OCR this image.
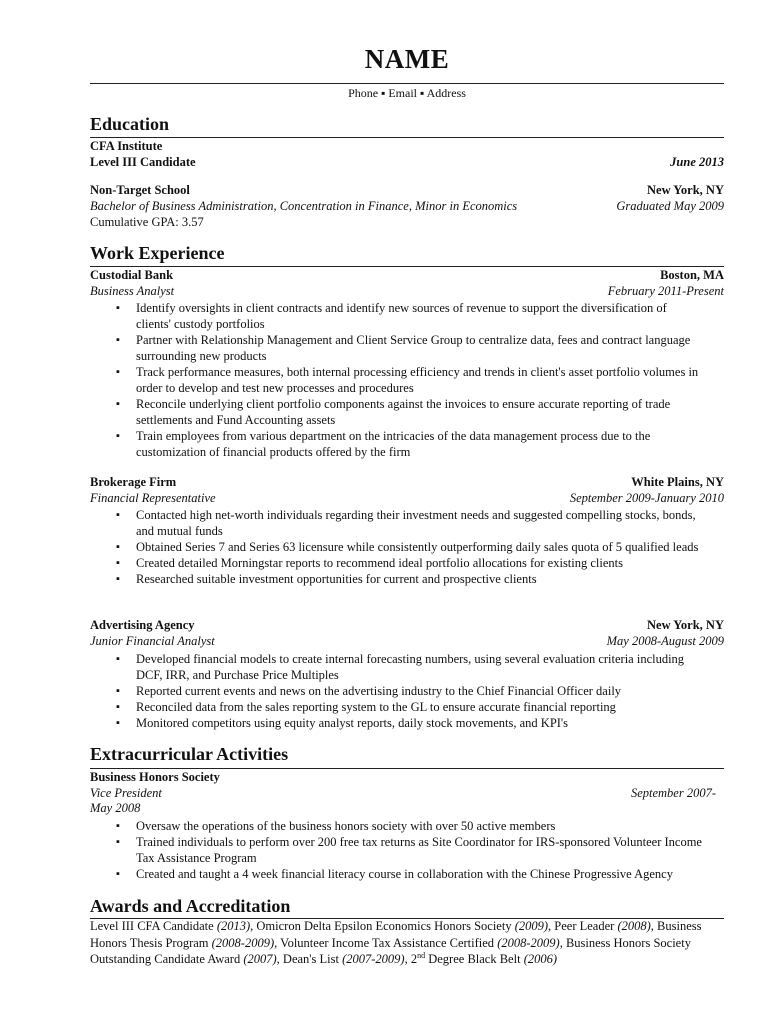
NAME
Phone ▪ Email ▪ Address
Education
CFA Institute
Level III Candidate	June 2013
Non-Target School	New York, NY
Bachelor of Business Administration, Concentration in Finance, Minor in Economics	Graduated May 2009
Cumulative GPA: 3.57
Work Experience
Custodial Bank	Boston, MA
Business Analyst	February 2011-Present
▪ Identify oversights in client contracts and identify new sources of revenue to support the diversification of clients' custody portfolios
▪ Partner with Relationship Management and Client Service Group to centralize data, fees and contract language surrounding new products
▪ Track performance measures, both internal processing efficiency and trends in client's asset portfolio volumes in order to develop and test new processes and procedures
▪ Reconcile underlying client portfolio components against the invoices to ensure accurate reporting of trade settlements and Fund Accounting assets
▪ Train employees from various department on the intricacies of the data management process due to the customization of financial products offered by the firm
Brokerage Firm	White Plains, NY
Financial Representative	September 2009-January 2010
▪ Contacted high net-worth individuals regarding their investment needs and suggested compelling stocks, bonds, and mutual funds
▪ Obtained Series 7 and Series 63 licensure while consistently outperforming daily sales quota of 5 qualified leads
▪ Created detailed Morningstar reports to recommend ideal portfolio allocations for existing clients
▪ Researched suitable investment opportunities for current and prospective clients
Advertising Agency	New York, NY
Junior Financial Analyst	May 2008-August 2009
▪ Developed financial models to create internal forecasting numbers, using several evaluation criteria including DCF, IRR, and Purchase Price Multiples
▪ Reported current events and news on the advertising industry to the Chief Financial Officer daily
▪ Reconciled data from the sales reporting system to the GL to ensure accurate financial reporting
▪ Monitored competitors using equity analyst reports, daily stock movements, and KPI's
Extracurricular Activities
Business Honors Society
Vice President	September 2007-
May 2008
▪ Oversaw the operations of the business honors society with over 50 active members
▪ Trained individuals to perform over 200 free tax returns as Site Coordinator for IRS-sponsored Volunteer Income Tax Assistance Program
▪ Created and taught a 4 week financial literacy course in collaboration with the Chinese Progressive Agency
Awards and Accreditation
Level III CFA Candidate (2013), Omicron Delta Epsilon Economics Honors Society (2009), Peer Leader (2008), Business Honors Thesis Program (2008-2009), Volunteer Income Tax Assistance Certified (2008-2009), Business Honors Society Outstanding Candidate Award (2007), Dean's List (2007-2009), 2nd Degree Black Belt (2006)
